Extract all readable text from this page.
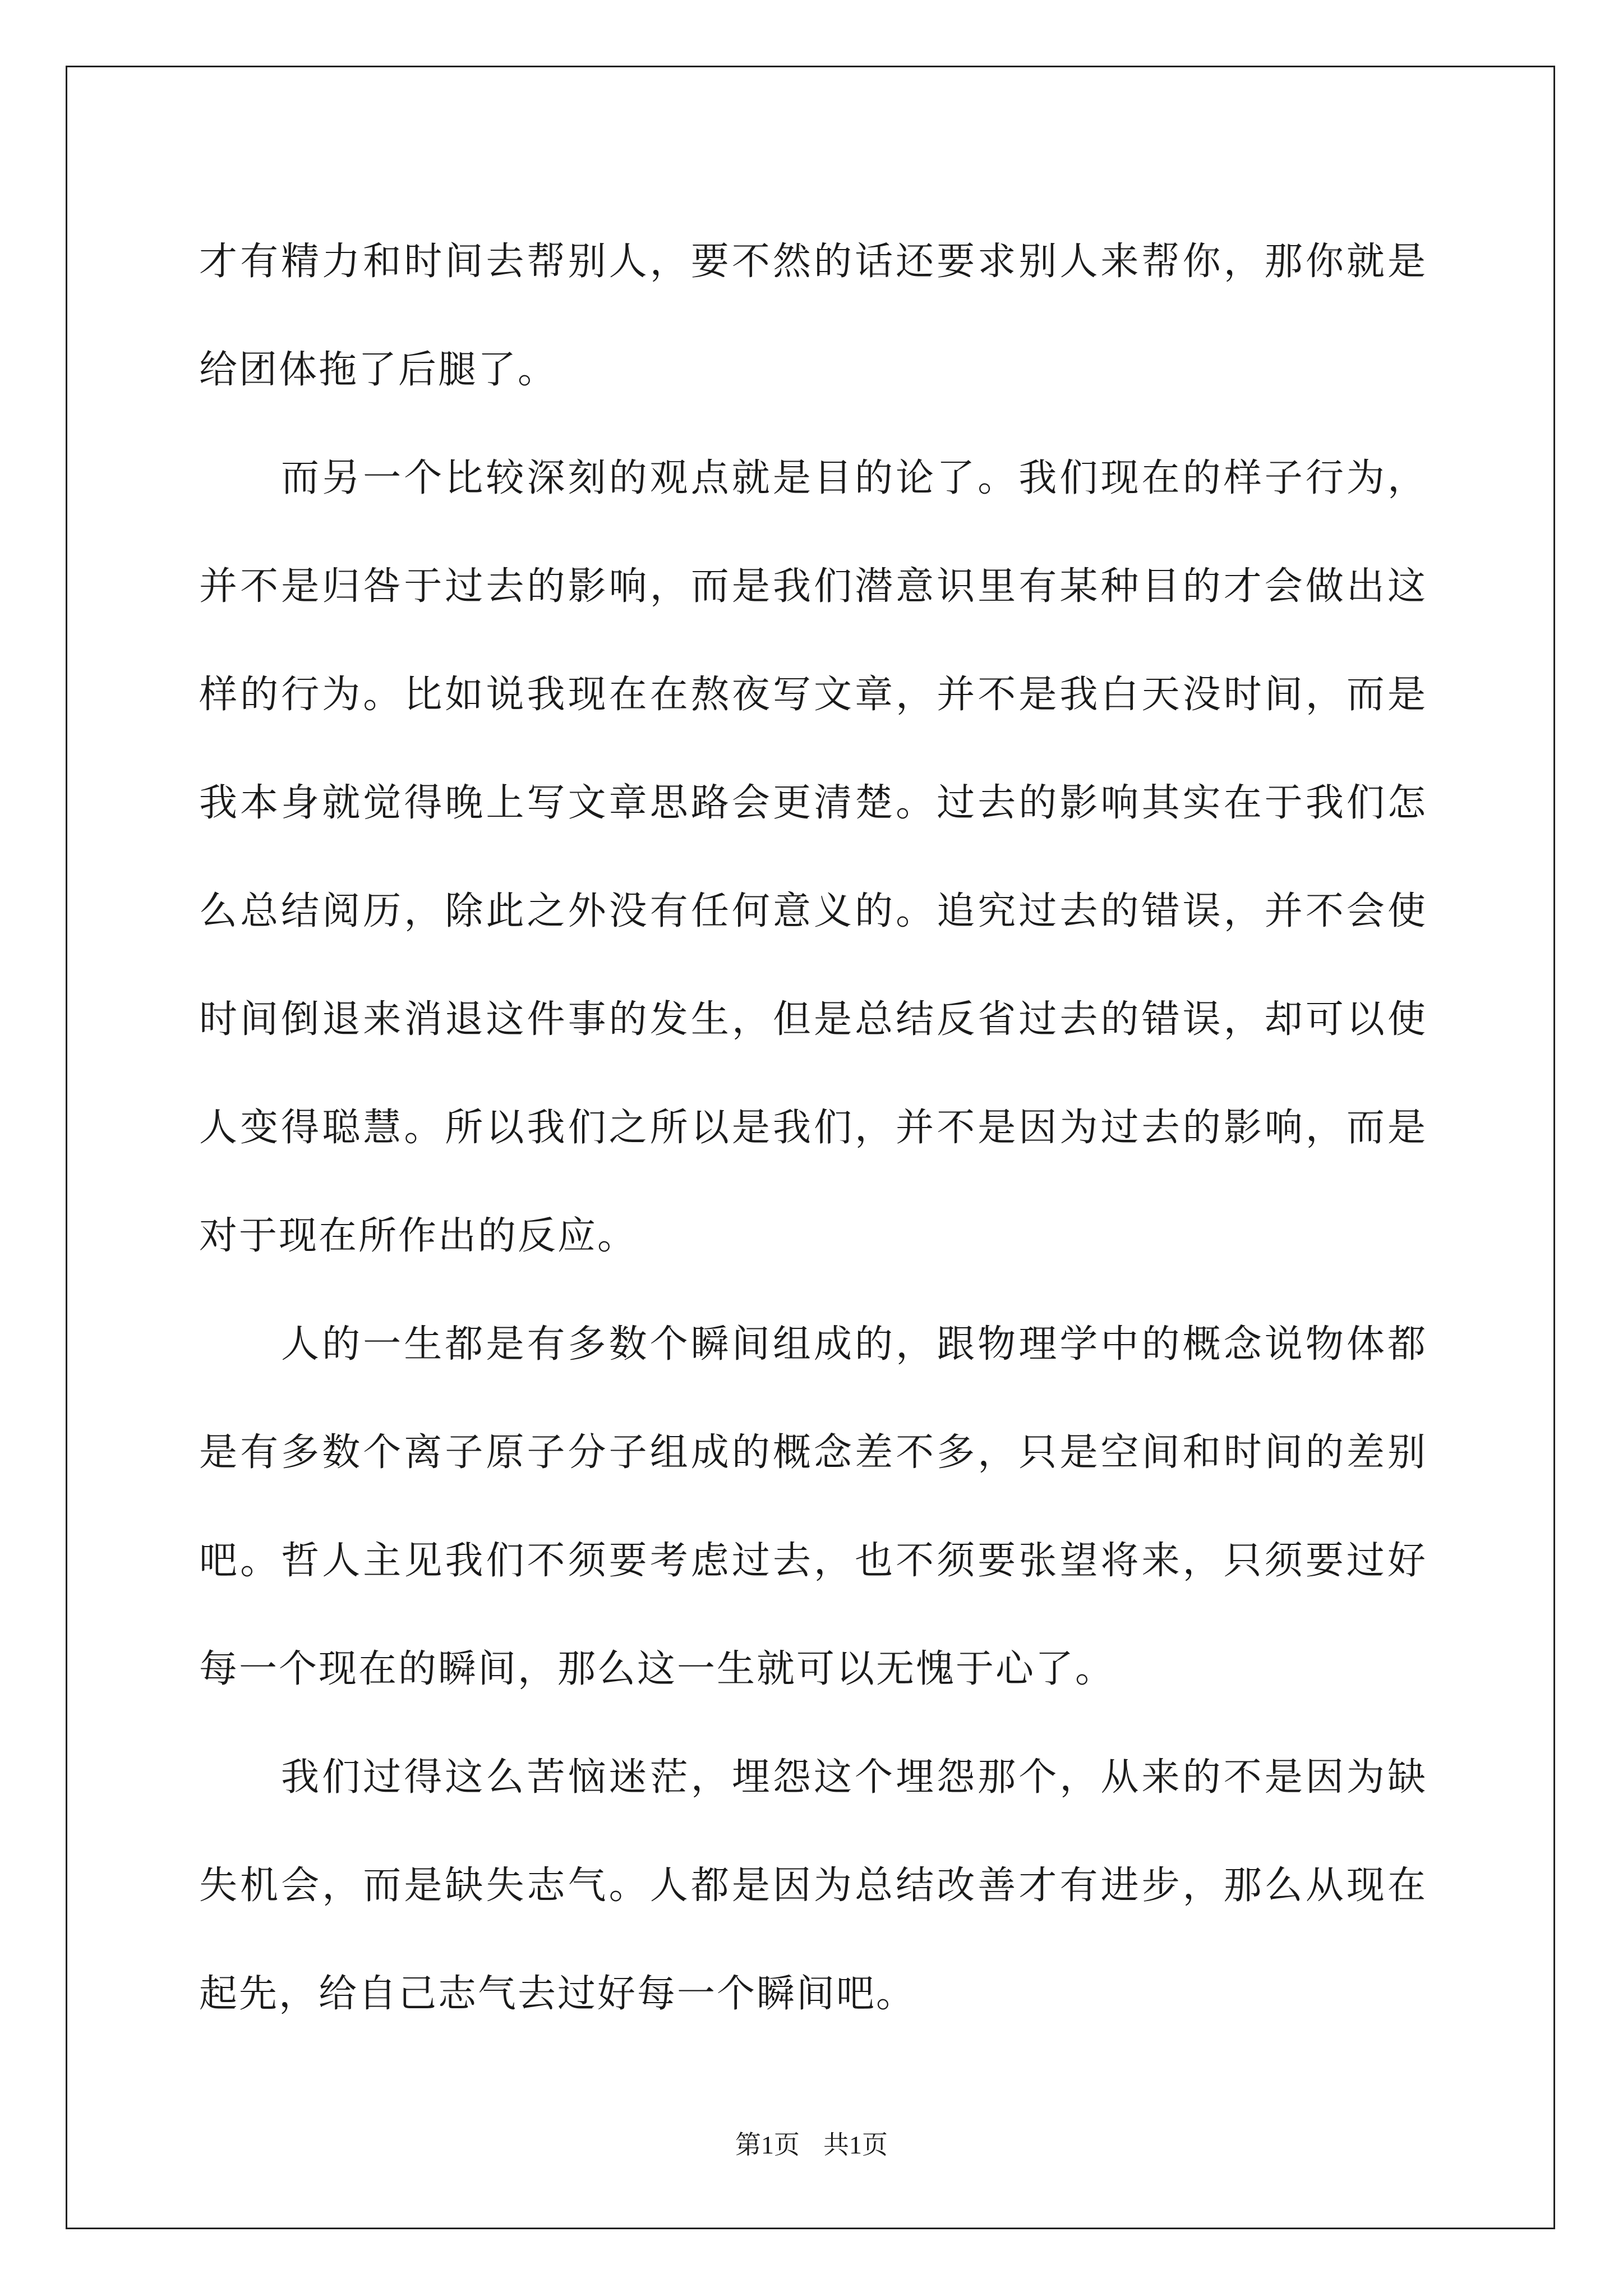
才有精力和时间去帮别人，要不然的话还要求别人来帮你，那你就是给团体拖了后腿了。

而另一个比较深刻的观点就是目的论了。我们现在的样子行为，并不是归咎于过去的影响，而是我们潜意识里有某种目的才会做出这样的行为。比如说我现在在熬夜写文章，并不是我白天没时间，而是我本身就觉得晚上写文章思路会更清楚。过去的影响其实在于我们怎么总结阅历，除此之外没有任何意义的。追究过去的错误，并不会使时间倒退来消退这件事的发生，但是总结反省过去的错误，却可以使人变得聪慧。所以我们之所以是我们，并不是因为过去的影响，而是对于现在所作出的反应。

人的一生都是有多数个瞬间组成的，跟物理学中的概念说物体都是有多数个离子原子分子组成的概念差不多，只是空间和时间的差别吧。哲人主见我们不须要考虑过去，也不须要张望将来，只须要过好每一个现在的瞬间，那么这一生就可以无愧于心了。

我们过得这么苦恼迷茫，埋怨这个埋怨那个，从来的不是因为缺失机会，而是缺失志气。人都是因为总结改善才有进步，那么从现在起先，给自己志气去过好每一个瞬间吧。

第1页 共1页
